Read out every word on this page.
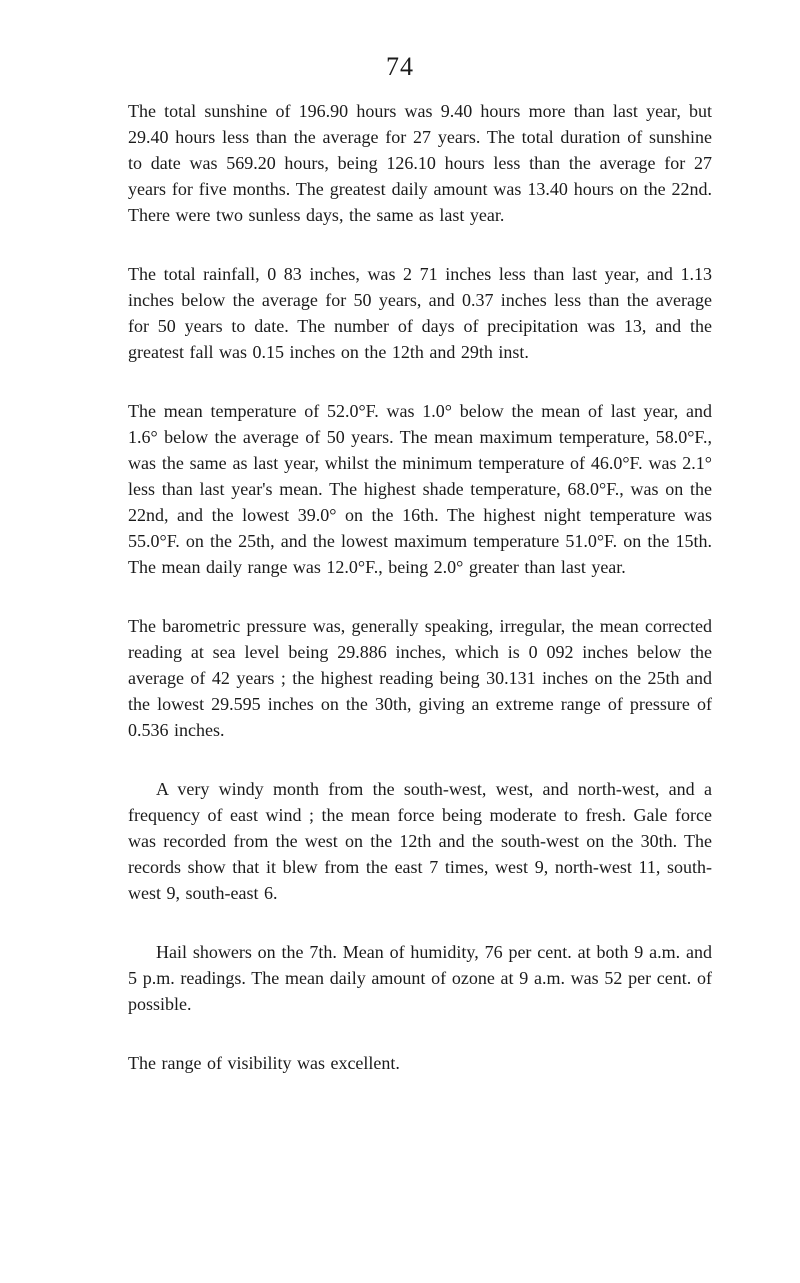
74

The total sunshine of 196.90 hours was 9.40 hours more than last year, but 29.40 hours less than the average for 27 years. The total duration of sunshine to date was 569.20 hours, being 126.10 hours less than the average for 27 years for five months. The greatest daily amount was 13.40 hours on the 22nd. There were two sunless days, the same as last year.

The total rainfall, 0 83 inches, was 2 71 inches less than last year, and 1.13 inches below the average for 50 years, and 0.37 inches less than the average for 50 years to date. The number of days of precipitation was 13, and the greatest fall was 0.15 inches on the 12th and 29th inst.

The mean temperature of 52.0°F. was 1.0° below the mean of last year, and 1.6° below the average of 50 years. The mean maximum temperature, 58.0°F., was the same as last year, whilst the minimum temperature of 46.0°F. was 2.1° less than last year's mean. The highest shade temperature, 68.0°F., was on the 22nd, and the lowest 39.0° on the 16th. The highest night temperature was 55.0°F. on the 25th, and the lowest maximum temperature 51.0°F. on the 15th. The mean daily range was 12.0°F., being 2.0° greater than last year.

The barometric pressure was, generally speaking, irregular, the mean corrected reading at sea level being 29.886 inches, which is 0 092 inches below the average of 42 years ; the highest reading being 30.131 inches on the 25th and the lowest 29.595 inches on the 30th, giving an extreme range of pressure of 0.536 inches.

A very windy month from the south-west, west, and north-west, and a frequency of east wind ; the mean force being moderate to fresh. Gale force was recorded from the west on the 12th and the south-west on the 30th. The records show that it blew from the east 7 times, west 9, north-west 11, south-west 9, south-east 6.

Hail showers on the 7th. Mean of humidity, 76 per cent. at both 9 a.m. and 5 p.m. readings. The mean daily amount of ozone at 9 a.m. was 52 per cent. of possible.

The range of visibility was excellent.
